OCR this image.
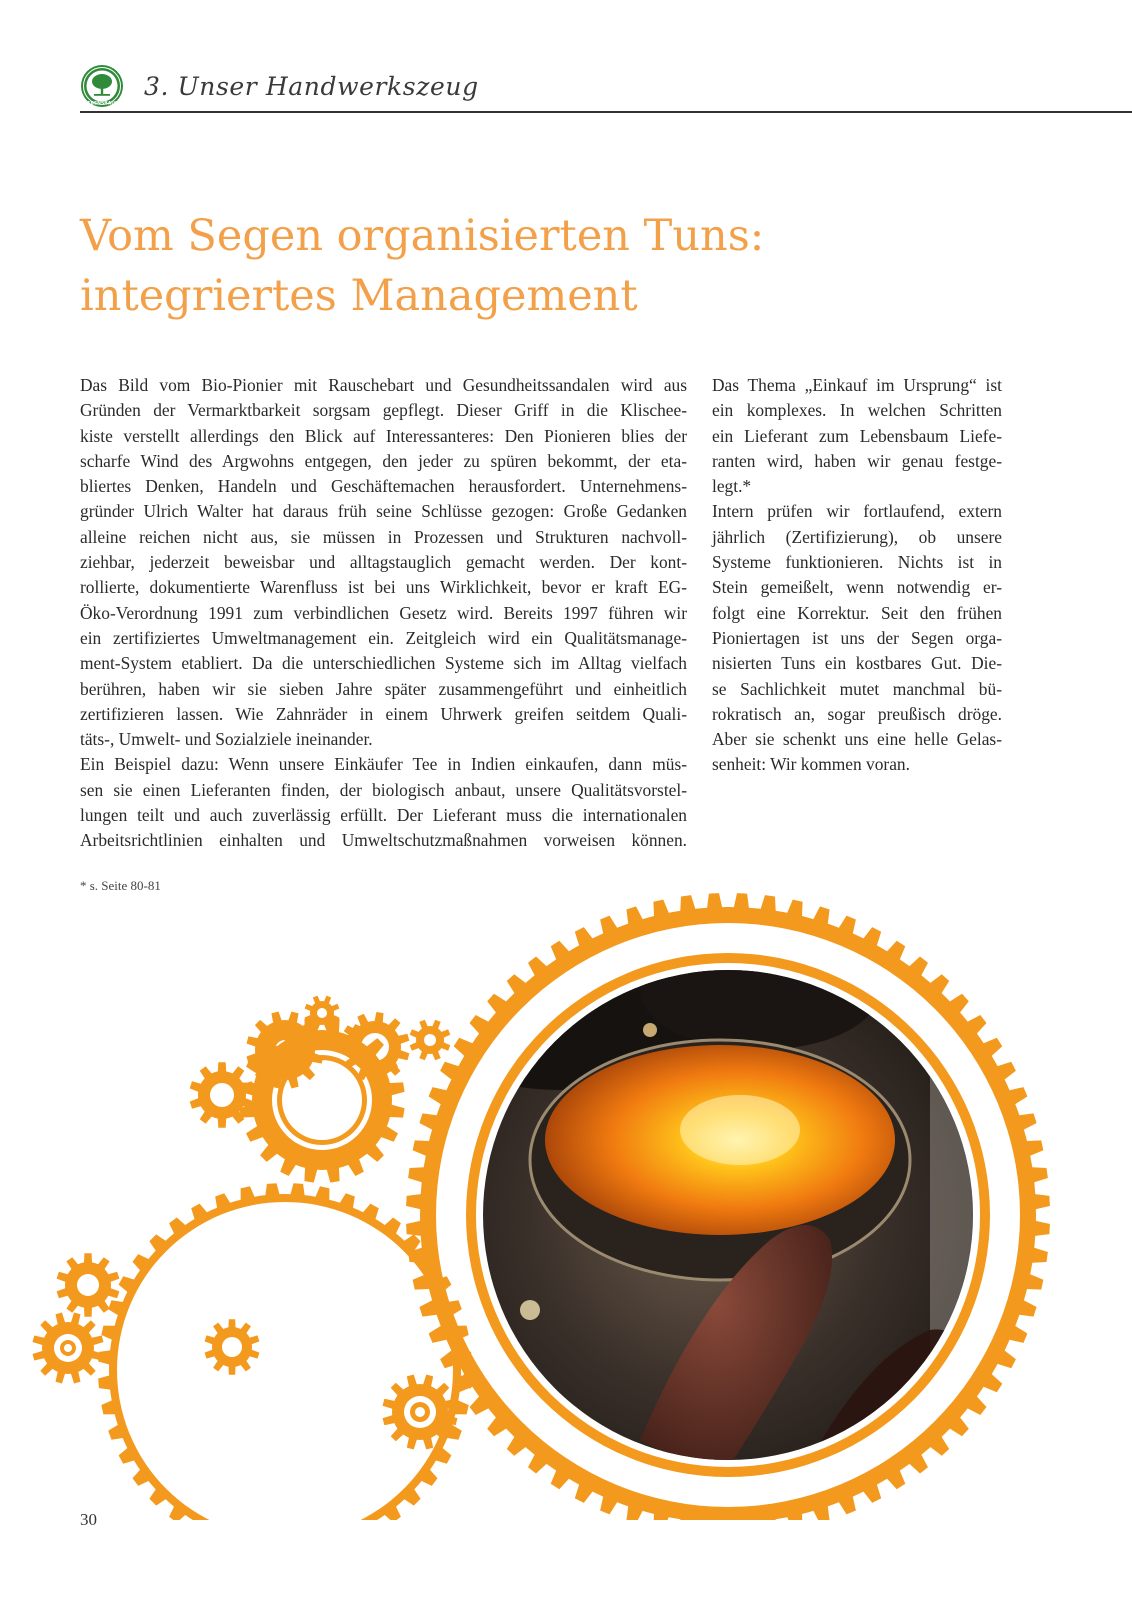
LEBENSBAUM
3. Unser Handwerkszeug
Vom Segen organisierten Tuns:
integriertes Management

Das Bild vom Bio-Pionier mit Rauschebart und Gesundheitssandalen wird aus
Gründen der Vermarktbarkeit sorgsam gepflegt. Dieser Griff in die Klischee-
kiste verstellt allerdings den Blick auf Interessanteres: Den Pionieren blies der
scharfe Wind des Argwohns entgegen, den jeder zu spüren bekommt, der eta-
bliertes Denken, Handeln und Geschäftemachen herausfordert. Unternehmens-
gründer Ulrich Walter hat daraus früh seine Schlüsse gezogen: Große Gedanken
alleine reichen nicht aus, sie müssen in Prozessen und Strukturen nachvoll-
ziehbar, jederzeit beweisbar und alltagstauglich gemacht werden. Der kont-
rollierte, dokumentierte Warenfluss ist bei uns Wirklichkeit, bevor er kraft EG-
Öko-Verordnung 1991 zum verbindlichen Gesetz wird. Bereits 1997 führen wir
ein zertifiziertes Umweltmanagement ein. Zeitgleich wird ein Qualitätsmanage-
ment-System etabliert. Da die unterschiedlichen Systeme sich im Alltag vielfach
berühren, haben wir sie sieben Jahre später zusammengeführt und einheitlich
zertifizieren lassen. Wie Zahnräder in einem Uhrwerk greifen seitdem Quali-
täts-, Umwelt- und Sozialziele ineinander.

Ein Beispiel dazu: Wenn unsere Einkäufer Tee in Indien einkaufen, dann müs-
sen sie einen Lieferanten finden, der biologisch anbaut, unsere Qualitätsvorstel-
lungen teilt und auch zuverlässig erfüllt. Der Lieferant muss die internationalen
Arbeitsrichtlinien einhalten und Umweltschutzmaßnahmen vorweisen können.

Das Thema „Einkauf im Ursprung“ ist
ein komplexes. In welchen Schritten
ein Lieferant zum Lebensbaum Liefe-
ranten wird, haben wir genau festge-
legt.*

Intern prüfen wir fortlaufend, extern
jährlich (Zertifizierung), ob unsere
Systeme funktionieren. Nichts ist in
Stein gemeißelt, wenn notwendig er-
folgt eine Korrektur. Seit den frühen
Pioniertagen ist uns der Segen orga-
nisierten Tuns ein kostbares Gut. Die-
se Sachlichkeit mutet manchmal bü-
rokratisch an, sogar preußisch dröge.
Aber sie schenkt uns eine helle Gelas-
senheit: Wir kommen voran.

* s. Seite 80-81
30
